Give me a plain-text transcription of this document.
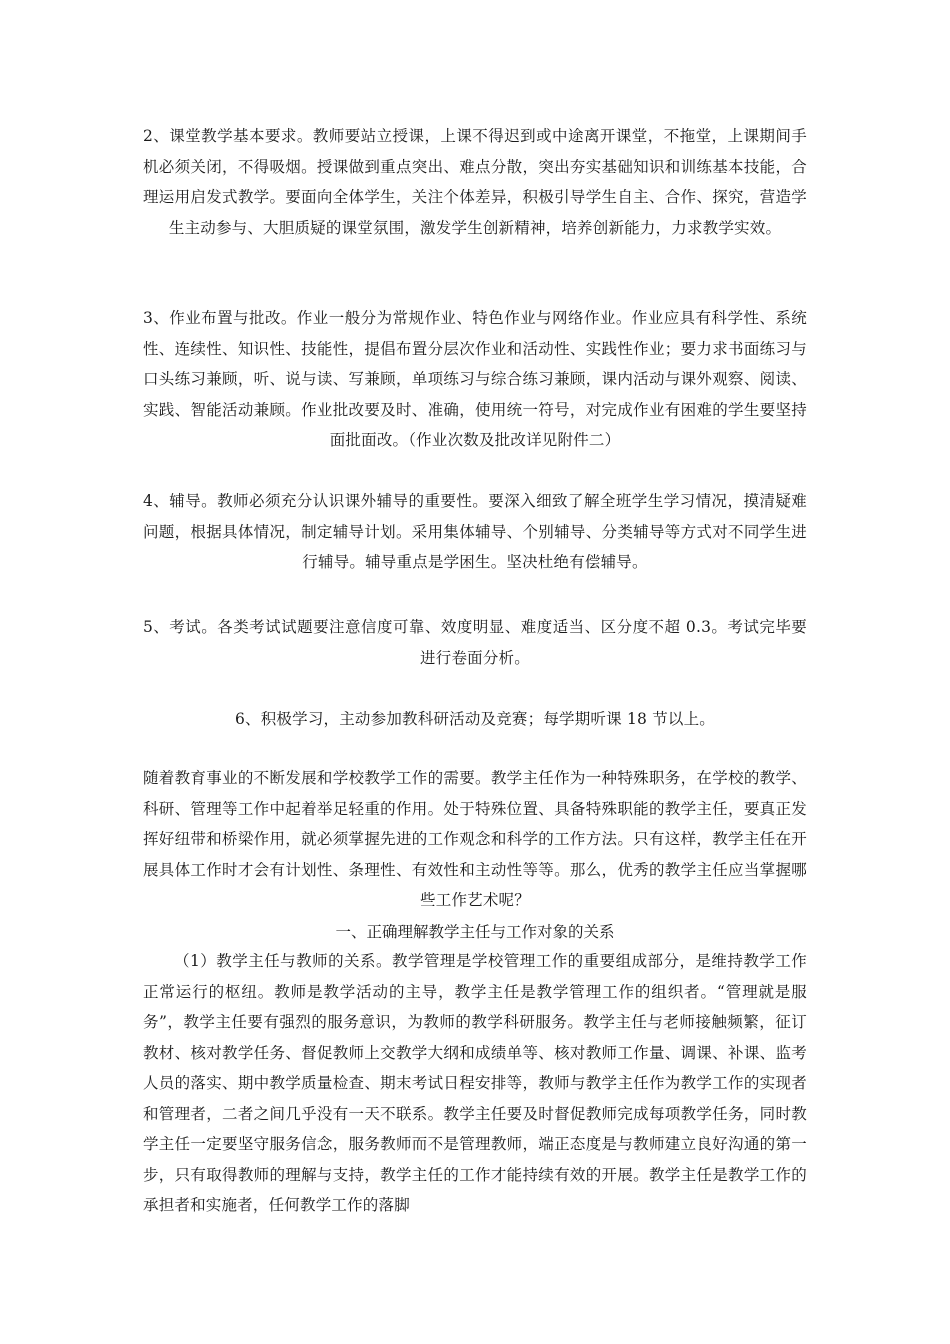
2、课堂教学基本要求。教师要站立授课，上课不得迟到或中途离开课堂，不拖堂，上课期间手机必须关闭，不得吸烟。授课做到重点突出、难点分散，突出夯实基础知识和训练基本技能，合理运用启发式教学。要面向全体学生，关注个体差异，积极引导学生自主、合作、探究，营造学生主动参与、大胆质疑的课堂氛围，激发学生创新精神，培养创新能力，力求教学实效。
3、作业布置与批改。作业一般分为常规作业、特色作业与网络作业。作业应具有科学性、系统性、连续性、知识性、技能性，提倡布置分层次作业和活动性、实践性作业；要力求书面练习与口头练习兼顾，听、说与读、写兼顾，单项练习与综合练习兼顾，课内活动与课外观察、阅读、实践、智能活动兼顾。作业批改要及时、准确，使用统一符号，对完成作业有困难的学生要坚持面批面改。（作业次数及批改详见附件二）
4、辅导。教师必须充分认识课外辅导的重要性。要深入细致了解全班学生学习情况，摸清疑难问题，根据具体情况，制定辅导计划。采用集体辅导、个别辅导、分类辅导等方式对不同学生进行辅导。辅导重点是学困生。坚决杜绝有偿辅导。
5、考试。各类考试试题要注意信度可靠、效度明显、难度适当、区分度不超 0.3。考试完毕要进行卷面分析。
6、积极学习，主动参加教科研活动及竞赛；每学期听课 18 节以上。
随着教育事业的不断发展和学校教学工作的需要。教学主任作为一种特殊职务，在学校的教学、科研、管理等工作中起着举足轻重的作用。处于特殊位置、具备特殊职能的教学主任，要真正发挥好纽带和桥梁作用，就必须掌握先进的工作观念和科学的工作方法。只有这样，教学主任在开展具体工作时才会有计划性、条理性、有效性和主动性等等。那么，优秀的教学主任应当掌握哪些工作艺术呢？
一、正确理解教学主任与工作对象的关系
（1）教学主任与教师的关系。教学管理是学校管理工作的重要组成部分，是维持教学工作正常运行的枢纽。教师是教学活动的主导，教学主任是教学管理工作的组织者。“管理就是服务”，教学主任要有强烈的服务意识，为教师的教学科研服务。教学主任与老师接触频繁，征订教材、核对教学任务、督促教师上交教学大纲和成绩单等、核对教师工作量、调课、补课、监考人员的落实、期中教学质量检查、期末考试日程安排等，教师与教学主任作为教学工作的实现者和管理者，二者之间几乎没有一天不联系。教学主任要及时督促教师完成每项教学任务，同时教学主任一定要坚守服务信念，服务教师而不是管理教师，端正态度是与教师建立良好沟通的第一步，只有取得教师的理解与支持，教学主任的工作才能持续有效的开展。教学主任是教学工作的承担者和实施者，任何教学工作的落脚
